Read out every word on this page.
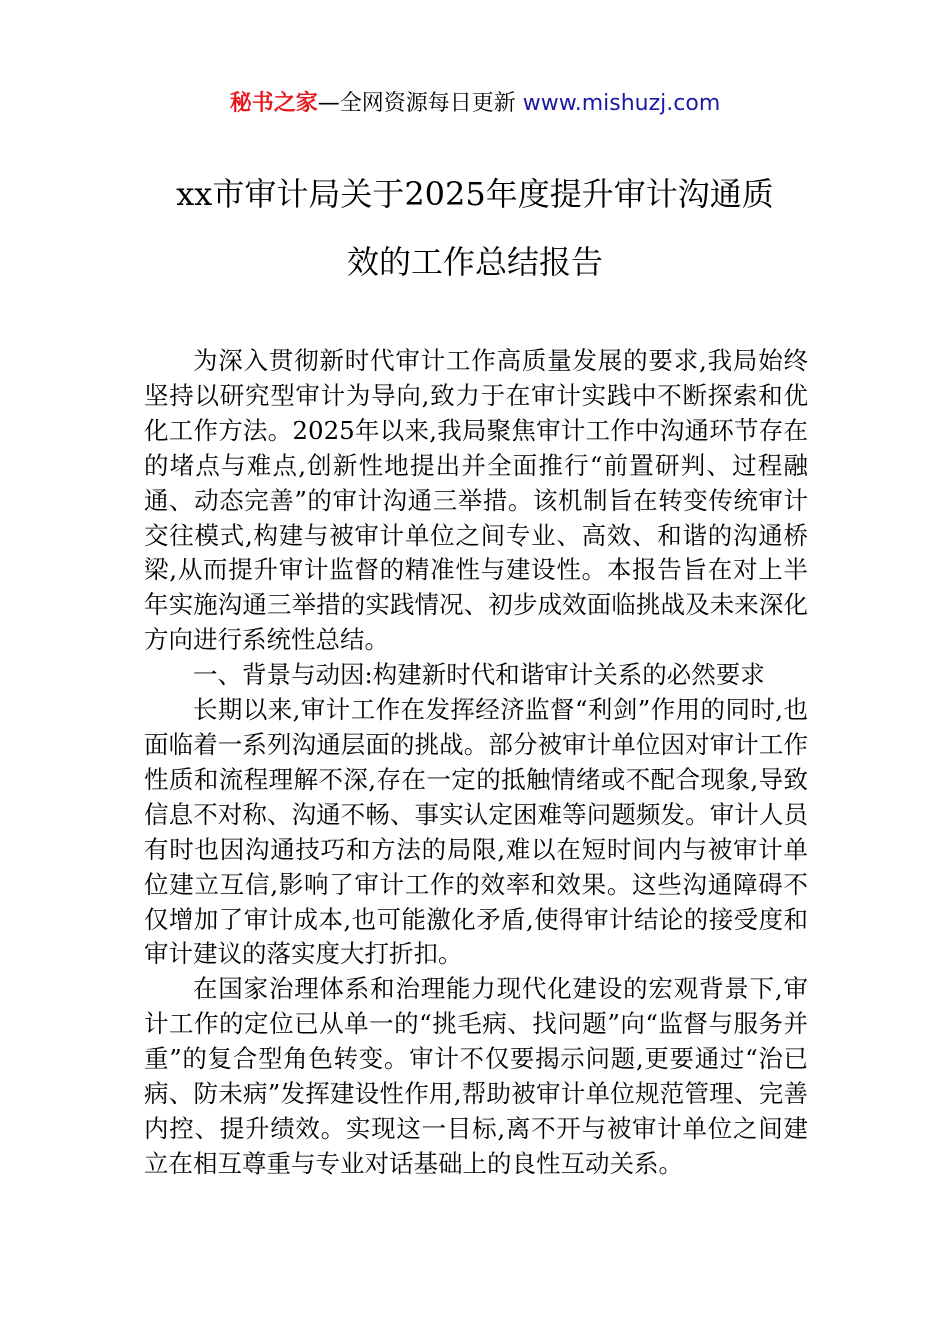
秘书之家—全网资源每日更新 www.mishuzj.com
xx市审计局关于2025年度提升审计沟通质
效的工作总结报告

为深入贯彻新时代审计工作高质量发展的要求,我局始终坚持以研究型审计为导向,致力于在审计实践中不断探索和优化工作方法。2025年以来,我局聚焦审计工作中沟通环节存在的堵点与难点,创新性地提出并全面推行“前置研判、过程融通、动态完善”的审计沟通三举措。该机制旨在转变传统审计交往模式,构建与被审计单位之间专业、高效、和谐的沟通桥梁,从而提升审计监督的精准性与建设性。本报告旨在对上半年实施沟通三举措的实践情况、初步成效面临挑战及未来深化方向进行系统性总结。

一、背景与动因:构建新时代和谐审计关系的必然要求

长期以来,审计工作在发挥经济监督“利剑”作用的同时,也面临着一系列沟通层面的挑战。部分被审计单位因对审计工作性质和流程理解不深,存在一定的抵触情绪或不配合现象,导致信息不对称、沟通不畅、事实认定困难等问题频发。审计人员有时也因沟通技巧和方法的局限,难以在短时间内与被审计单位建立互信,影响了审计工作的效率和效果。这些沟通障碍不仅增加了审计成本,也可能激化矛盾,使得审计结论的接受度和审计建议的落实度大打折扣。

在国家治理体系和治理能力现代化建设的宏观背景下,审计工作的定位已从单一的“挑毛病、找问题”向“监督与服务并重”的复合型角色转变。审计不仅要揭示问题,更要通过“治已病、防未病”发挥建设性作用,帮助被审计单位规范管理、完善内控、提升绩效。实现这一目标,离不开与被审计单位之间建立在相互尊重与专业对话基础上的良性互动关系。
